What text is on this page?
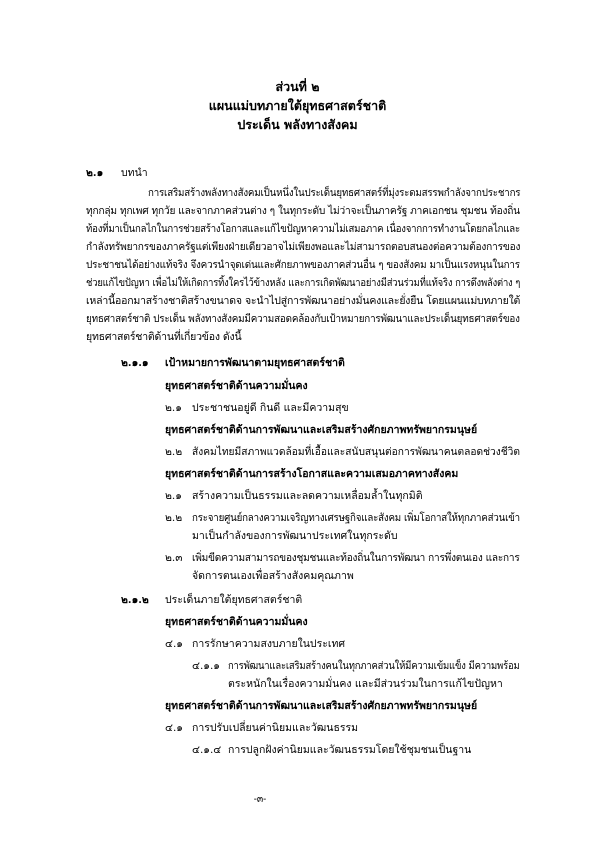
ส่วนที่ ๒
แผนแม่บทภายใต้ยุทธศาสตร์ชาติ
ประเด็น พลังทางสังคม
๒.๑ บทนำ
การเสริมสร้างพลังทางสังคมเป็นหนึ่งในประเด็นยุทธศาสตร์ที่มุ่งระดมสรรพกำลังจากประชากร
ทุกกลุ่ม ทุกเพศ ทุกวัย และจากภาคส่วนต่าง ๆ ในทุกระดับ ไม่ว่าจะเป็นภาครัฐ ภาคเอกชน ชุมชน ท้องถิ่น
ท้องที่มาเป็นกลไกในการช่วยสร้างโอกาสและแก้ไขปัญหาความไม่เสมอภาค เนื่องจากการทำงานโดยกลไกและ
กำลังทรัพยากรของภาครัฐแต่เพียงฝ่ายเดียวอาจไม่เพียงพอและไม่สามารถตอบสนองต่อความต้องการของ
ประชาชนได้อย่างแท้จริง จึงควรนำจุดเด่นและศักยภาพของภาคส่วนอื่น ๆ ของสังคม มาเป็นแรงหนุนในการ
ช่วยแก้ไขปัญหา เพื่อไม่ให้เกิดการทิ้งใครไว้ข้างหลัง และการเกิดพัฒนาอย่างมีส่วนร่วมที่แท้จริง การดึงพลังต่าง ๆ
เหล่านี้ออกมาสร้างชาติสร้างขนาดจ จะนำไปสู่การพัฒนาอย่างมั่นคงและยั่งยืน โดยแผนแม่บทภายใต้
ยุทธศาสตร์ชาติ ประเด็น พลังทางสังคมมีความสอดคล้องกับเป้าหมายการพัฒนาและประเด็นยุทธศาสตร์ของ
ยุทธศาสตร์ชาติด้านที่เกี่ยวข้อง ดังนี้
๒.๑.๑ เป้าหมายการพัฒนาตามยุทธศาสตร์ชาติ
ยุทธศาสตร์ชาติด้านความมั่นคง
๒.๑ ประชาชนอยู่ดี กินดี และมีความสุข
ยุทธศาสตร์ชาติด้านการพัฒนาและเสริมสร้างศักยภาพทรัพยากรมนุษย์
๒.๒ สังคมไทยมีสภาพแวดล้อมที่เอื้อและสนับสนุนต่อการพัฒนาคนตลอดช่วงชีวิต
ยุทธศาสตร์ชาติด้านการสร้างโอกาสและความเสมอภาคทางสังคม
๒.๑ สร้างความเป็นธรรมและลดความเหลื่อมล้ำในทุกมิติ
๒.๒ กระจายศูนย์กลางความเจริญทางเศรษฐกิจและสังคม เพิ่มโอกาสให้ทุกภาคส่วนเข้า
มาเป็นกำลังของการพัฒนาประเทศในทุกระดับ
๒.๓ เพิ่มขีดความสามารถของชุมชนและท้องถิ่นในการพัฒนา การพึ่งตนเอง และการ
จัดการตนเองเพื่อสร้างสังคมคุณภาพ
๒.๑.๒ ประเด็นภายใต้ยุทธศาสตร์ชาติ
ยุทธศาสตร์ชาติด้านความมั่นคง
๔.๑ การรักษาความสงบภายในประเทศ
๔.๑.๑ การพัฒนาและเสริมสร้างคนในทุกภาคส่วนให้มีความเข้มแข็ง มีความพร้อม
ตระหนักในเรื่องความมั่นคง และมีส่วนร่วมในการแก้ไขปัญหา
ยุทธศาสตร์ชาติด้านการพัฒนาและเสริมสร้างศักยภาพทรัพยากรมนุษย์
๔.๑ การปรับเปลี่ยนค่านิยมและวัฒนธรรม
๔.๑.๔ การปลูกฝังค่านิยมและวัฒนธรรมโดยใช้ชุมชนเป็นฐาน
-๓-
